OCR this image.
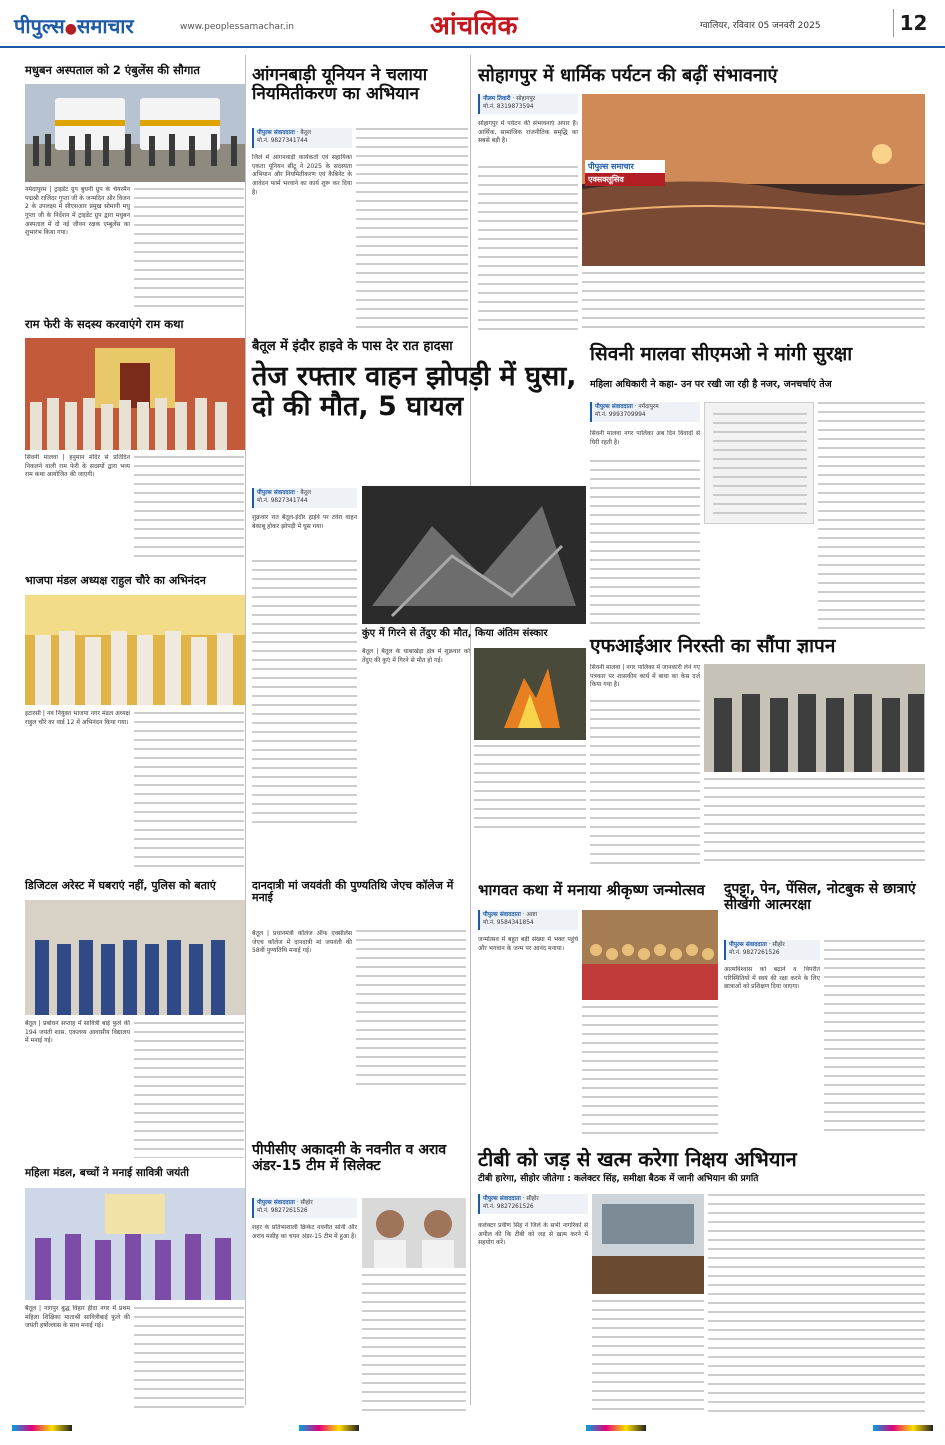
पीपुल्स●समाचार	www.peoplessamachar.in	आंचलिक	ग्वालियर, रविवार 05 जनवरी 2025	12
मधुबन अस्पताल को 2 एंबुलेंस की सौगात
नर्मदापुरम | ट्राइडेंट ग्रुप बुधनी ग्रुप के चेयरमैन पद्मश्री राजिंदर गुप्ता जी के जन्मदिन और विजन 2 के उपलक्ष्य में सीएसआर प्रमुख सोमानी मधु गुप्ता जी के निर्देशन में ट्राइडेंट ग्रुप द्वारा मधुबन अस्पताल में दो नई जीवन रक्षक एम्बुलेंस का शुभारंभ किया गया।
राम फेरी के सदस्य करवाएंगे राम कथा
सिवनी मालवा | हनुमान मंदिर से प्रतिदिन निकलने वाली राम फेरी के सदस्यों द्वारा भव्य राम कथा आयोजित की जाएगी।
भाजपा मंडल अध्यक्ष राहुल चौरे का अभिनंदन
इटारसी | नव नियुक्त भाजपा नगर मंडल अध्यक्ष राहुल चौरे का वार्ड 12 में अभिनंदन किया गया।
डिजिटल अरेस्ट में घबराएं नहीं, पुलिस को बताएं
बैतूल | प्रबोधन सप्ताह में सावित्री बाई फुले की 194 जयंती शास. एकलव्य आवासीय विद्यालय में मनाई गई।
महिला मंडल, बच्चों ने मनाई सावित्री जयंती
बैतूल | नागपुर बुद्ध विहार हीदा नगर में प्रथम महिला शिक्षिका माताश्री सावित्रीबाई फुले की जयंती हर्षोल्लास के साथ मनाई गई।
आंगनबाड़ी यूनियन ने चलाया नियमितीकरण का अभियान
पीपुल्स संवाददाता · बैतूल
मो.नं. 9827341744
जिले में आंगनवाड़ी कार्यकर्ता एवं सहायिका एकता यूनियन सीटू ने 2025 के सदस्यता अभियान और नियमितीकरण एवं कैबिनेट के आवेदन फार्म भरवाने का कार्य शुरू कर दिया है।
बैतूल में इंदौर हाइवे के पास देर रात हादसा
तेज रफ्तार वाहन झोपड़ी में घुसा, दो की मौत, 5 घायल
पीपुल्स संवाददाता · बैतूल
मो.नं. 9827341744
शुक्रवार रात बैतूल-इंदौर हाईवे पर टवेरा वाहन बेकाबू होकर झोपड़ी में घुस गया।
कुंए में गिरने से तेंदुए की मौत, किया अंतिम संस्कार
बैतूल | बैतूल के धाबाखेड़ा क्षेत्र में शुक्रवार को तेंदुए की कुएं में गिरने से मौत हो गई।
दानदात्री मां जयवंती की पुण्यतिथि जेएच कॉलेज में मनाई
बैतूल | प्रधानमंत्री कॉलेज ऑफ एक्सीलेंस जेएच कॉलेज में दानदात्री मां जयवंती की 58वीं पुण्यतिथि मनाई गई।
पीपीसीए अकादमी के नवनीत व अराव अंडर-15 टीम में सिलेक्ट
पीपुल्स संवाददाता · सीहोर
मो.नं. 9827261526
शहर के प्रतिभाशाली क्रिकेट नवनीत सोनी और अराव मसीह का चयन अंडर-15 टीम में हुआ है।
सोहागपुर में धार्मिक पर्यटन की बढ़ीं संभावनाएं
नीलम तिवारी · सोहागपुर
मो.नं. 8319873594
सोहागपुर में पर्यटन की संभावनाएं अपार हैं। आर्थिक, सामाजिक राजनीतिक समृद्धि का सबसे बड़ी है।
पीपुल्स समाचार
एक्सक्लूसिव
सिवनी मालवा सीएमओ ने मांगी सुरक्षा
महिला अधिकारी ने कहा- उन पर रखी जा रही है नजर, जनचर्चाएं तेज
पीपुल्स संवाददाता · नर्मदापुरम
मो.नं. 9993709994
सिवनी मालवा नगर पालिका अब दिन विवादों से घिरी रहती है।
एफआईआर निरस्ती का सौंपा ज्ञापन
सिवनी मालवा | नगर पालिका में जानकारी लेने गए पत्रकार पर शासकीय कार्य में बाधा का केस दर्ज किया गया है।
भागवत कथा में मनाया श्रीकृष्ण जन्मोत्सव
पीपुल्स संवाददाता · आष्टा
मो.नं. 9584341854
जन्मोत्सव में बहुत बड़ी संख्या में भक्त पहुंचे और भगवान के जन्म पर आनंद मनाया।
दुपट्टा, पेन, पेंसिल, नोटबुक से छात्राएं सीखेंगी आत्मरक्षा
पीपुल्स संवाददाता · सीहोर
मो.नं. 9827261526
आत्मविश्वास को बढ़ाने व विपरीत परिस्थितियों में स्वयं की रक्षा करने के लिए छात्राओं को प्रशिक्षण दिया जाएगा।
टीबी को जड़ से खत्म करेगा निक्षय अभियान
टीबी हारेगा, सीहोर जीतेगा : कलेक्टर सिंह, समीक्षा बैठक में जानी अभियान की प्रगति
पीपुल्स संवाददाता · सीहोर
मो.नं. 9827261526
कलेक्टर प्रवीण सिंह ने जिले के सभी नागरिकों से अपील की कि टीबी को जड़ से खत्म करने में सहयोग करें।
